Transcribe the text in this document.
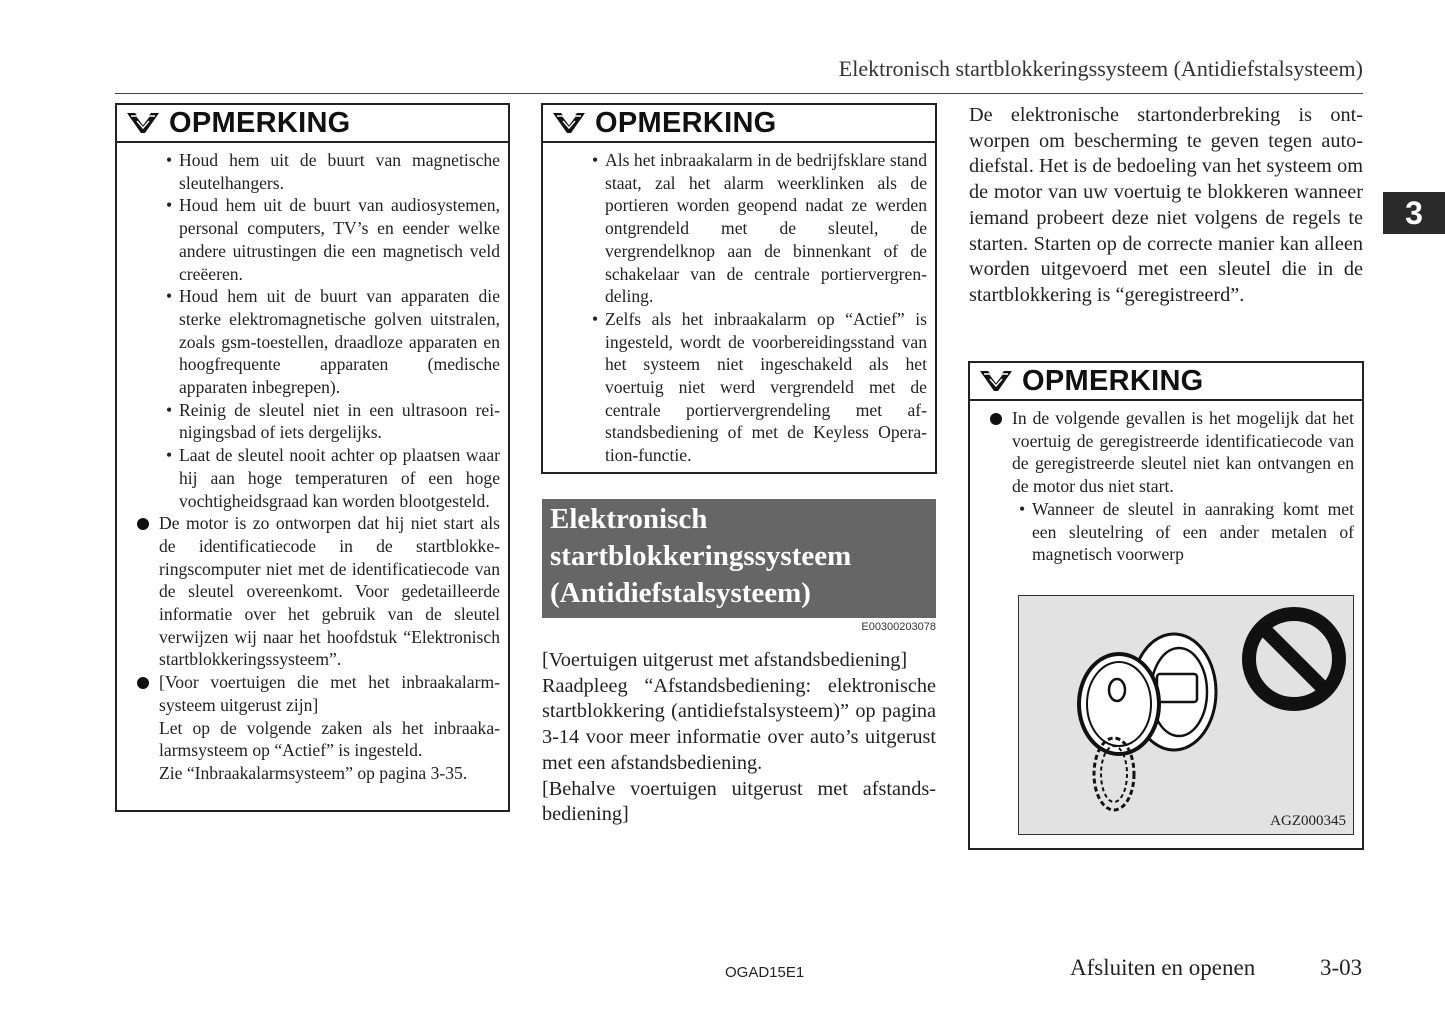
Elektronisch startblokkeringssysteem (Antidiefstalsysteem)
3
OPMERKING

• Houd hem uit de buurt van magnetische sleutelhangers.

• Houd hem uit de buurt van audiosystemen, personal computers, TV’s en eender welke andere uitrustingen die een magnetisch veld creëeren.

• Houd hem uit de buurt van apparaten die sterke elektromagnetische golven uitstralen, zoals gsm-toestellen, draadloze apparaten en hoogfrequente apparaten (medische apparaten inbegrepen).

• Reinig de sleutel niet in een ultrasoon reinigingsbad of iets dergelijks.

• Laat de sleutel nooit achter op plaatsen waar hij aan hoge temperaturen of een hoge vochtigheidsgraad kan worden blootgesteld.

De motor is zo ontworpen dat hij niet start als de identificatiecode in de startblokkeringscomputer niet met de identificatiecode van de sleutel overeenkomt. Voor gedetailleerde informatie over het gebruik van de sleutel verwijzen wij naar het hoofdstuk “Elektronisch startblokkeringssysteem”.

[Voor voertuigen die met het inbraakalarmsysteem uitgerust zijn]

Let op de volgende zaken als het inbraakalarmsysteem op “Actief” is ingesteld.

Zie “Inbraakalarmsysteem” op pagina 3-35.

OPMERKING

• Als het inbraakalarm in de bedrijfsklare stand staat, zal het alarm weerklinken als de portieren worden geopend nadat ze werden ontgrendeld met de sleutel, de vergrendelknop aan de binnenkant of de schakelaar van de centrale portiervergrendeling.

• Zelfs als het inbraakalarm op “Actief” is ingesteld, wordt de voorbereidingsstand van het systeem niet ingeschakeld als het voertuig niet werd vergrendeld met de centrale portiervergrendeling met afstandsbediening of met de Keyless Operation-functie.

Elektronisch
startblokkeringssysteem
(Antidiefstalsysteem)
E00300203078

[Voertuigen uitgerust met afstandsbediening]

Raadpleeg “Afstandsbediening: elektronische startblokkering (antidiefstalsysteem)” op pagina 3-14 voor meer informatie over auto’s uitgerust met een afstandsbediening.

[Behalve voertuigen uitgerust met afstandsbediening]

De elektronische startonderbreking is ontworpen om bescherming te geven tegen autodiefstal. Het is de bedoeling van het systeem om de motor van uw voertuig te blokkeren wanneer iemand probeert deze niet volgens de regels te starten. Starten op de correcte manier kan alleen worden uitgevoerd met een sleutel die in de startblokkering is “geregistreerd”.
OPMERKING

In de volgende gevallen is het mogelijk dat het voertuig de geregistreerde identificatiecode van de geregistreerde sleutel niet kan ontvangen en de motor dus niet start.

• Wanneer de sleutel in aanraking komt met een sleutelring of een ander metalen of magnetisch voorwerp

AGZ000345
OGAD15E1	Afsluiten en openen	3-03
